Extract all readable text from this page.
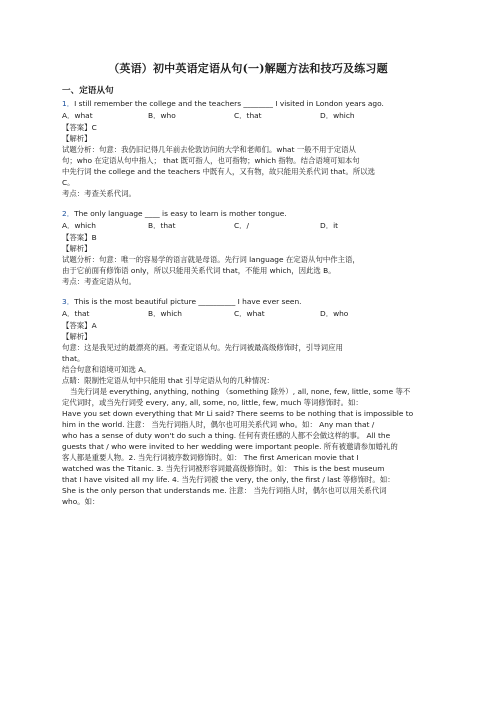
（英语）初中英语定语从句(一)解题方法和技巧及练习题
一、定语从句
1．I still remember the college and the teachers ________ I visited in London years ago.
A．what	B．who	C．that	D．which
【答案】C
【解析】
试题分析：句意：我仍旧记得几年前去伦敦访问的大学和老师们。what 一般不用于定语从
句；who 在定语从句中指人； that 既可指人，也可指物；which 指物。结合语境可知本句
中先行词 the college and the teachers 中既有人，又有物，故只能用关系代词 that。所以选
C。
考点：考查关系代词。
2．The only language ____ is easy to learn is mother tongue.
A．which	B．that	C．/	D．it
【答案】B
【解析】
试题分析：句意：唯一的容易学的语言就是母语。先行词 language 在定语从句中作主语，
由于它前面有修饰语 only，所以只能用关系代词 that，不能用 which，因此选 B。
考点：考查定语从句。
3．This is the most beautiful picture __________ I have ever seen.
A．that	B．which	C．what	D．who
【答案】A
【解析】
句意：这是我见过的最漂亮的画。考查定语从句。先行词被最高级修饰时，引导词应用
that。
结合句意和语境可知选 A。
点睛：限制性定语从句中只能用 that 引导定语从句的几种情况：
当先行词是 everything, anything, nothing （something 除外）, all, none, few, little, some 等不
定代词时，或当先行词受 every, any, all, some, no, little, few, much 等词修饰时。如：
Have you set down everything that Mr Li said? There seems to be nothing that is impossible to
him in the world. 注意： 当先行词指人时，偶尔也可用关系代词 who。如： Any man that /
who has a sense of duty won't do such a thing. 任何有责任感的人都不会做这样的事。 All the
guests that / who were invited to her wedding were important people. 所有被邀请参加婚礼的
客人都是重要人物。2. 当先行词被序数词修饰时。如： The first American movie that I
watched was the Titanic. 3. 当先行词被形容词最高级修饰时。如： This is the best museum
that I have visited all my life. 4. 当先行词被 the very, the only, the first / last 等修饰时。如：
She is the only person that understands me. 注意： 当先行词指人时，偶尔也可以用关系代词
who。如：
